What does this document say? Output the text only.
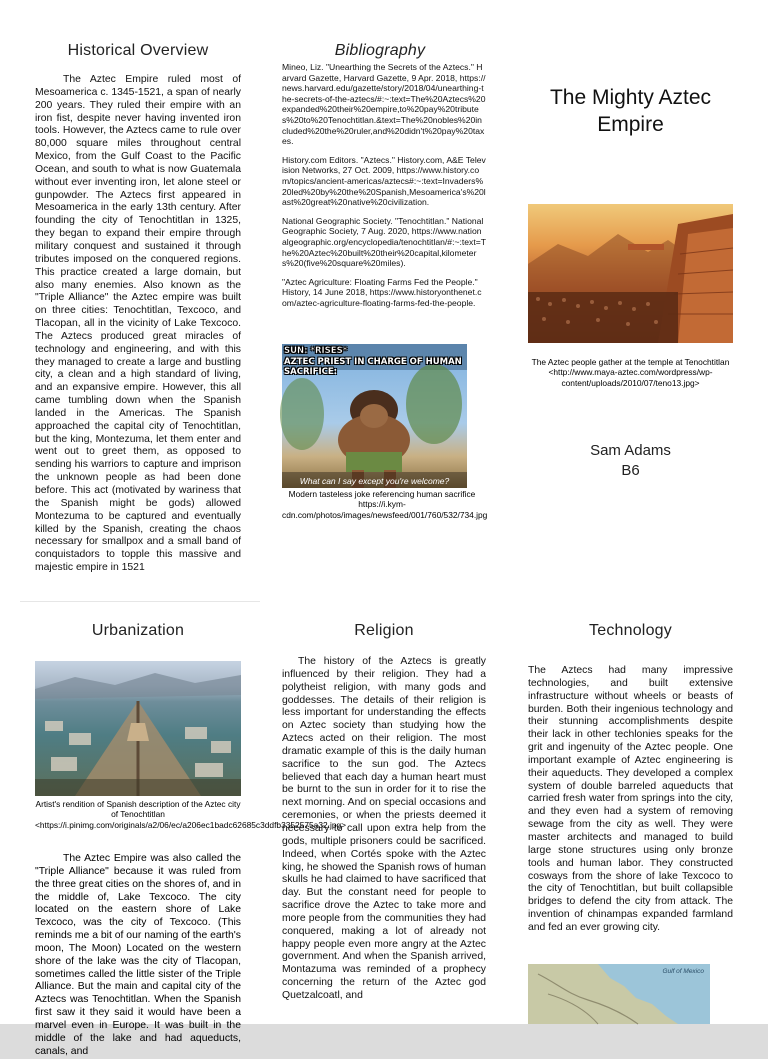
Historical Overview

The Aztec Empire ruled most of Mesoamerica c. 1345-1521, a span of nearly 200 years. They ruled their empire with an iron fist, despite never having invented iron tools. However, the Aztecs came to rule over 80,000 square miles throughout central Mexico, from the Gulf Coast to the Pacific Ocean, and south to what is now Guatemala without ever inventing iron, let alone steel or gunpowder. The Aztecs first appeared in Mesoamerica in the early 13th century. After founding the city of Tenochtitlan in 1325, they began to expand their empire through military conquest and sustained it through tributes imposed on the conquered regions. This practice created a large domain, but also many enemies. Also known as the "Triple Alliance" the Aztec empire was built on three cities: Tenochtitlan, Texcoco, and Tlacopan, all in the vicinity of Lake Texcoco. The Aztecs produced great miracles of technology and engineering, and with this they managed to create a large and bustling city, a clean and a high standard of living, and an expansive empire. However, this all came tumbling down when the Spanish landed in the Americas. The Spanish approached the capital city of Tenochtitlan, but the king, Montezuma, let them enter and went out to greet them, as opposed to sending his warriors to capture and imprison the unknown people as had been done before. This act (motivated by wariness that the Spanish might be gods) allowed Montezuma to be captured and eventually killed by the Spanish, creating the chaos necessary for smallpox and a small band of conquistadors to topple this massive and majestic empire in 1521

Bibliography

Mineo, Liz. "Unearthing the Secrets of the Aztecs." Harvard Gazette, Harvard Gazette, 9 Apr. 2018, https://news.harvard.edu/gazette/story/2018/04/unearthing-the-secrets-of-the-aztecs/#:~:text=The%20Aztecs%20expanded%20their%20empire,to%20pay%20tributes%20to%20Tenochtitlan.&text=The%20nobles%20included%20the%20ruler,and%20didn't%20pay%20taxes.

History.com Editors. "Aztecs." History.com, A&E Television Networks, 27 Oct. 2009, https://www.history.com/topics/ancient-americas/aztecs#:~:text=Invaders%20led%20by%20the%20Spanish,Mesoamerica's%20last%20great%20native%20civilization.

National Geographic Society. "Tenochtitlan." National Geographic Society, 7 Aug. 2020, https://www.nationalgeographic.org/encyclopedia/tenochtitlan/#:~:text=The%20Aztec%20built%20their%20capital,kilometers%20(five%20square%20miles).

"Aztec Agriculture: Floating Farms Fed the People." History, 14 June 2018, https://www.historyonthenet.com/aztec-agriculture-floating-farms-fed-the-people.

SUN: *RISES*
AZTEC PRIEST IN CHARGE OF HUMAN SACRIFICE:
What can I say except you're welcome?

Modern tasteless joke referencing human sacrifice https://i.kym-cdn.com/photos/images/newsfeed/001/760/532/734.jpg

The Mighty Aztec Empire

The Aztec people gather at the temple at Tenochtitlan <http://www.maya-aztec.com/wordpress/wp-content/uploads/2010/07/teno13.jpg>

Sam Adams
B6
Urbanization

Artist's rendition of Spanish description of the Aztec city of Tenochtitlan <https://i.pinimg.com/originals/a2/06/ec/a206ec1badc62685c3ddfb3352575a32.jpg>

The Aztec Empire was also called the "Triple Alliance" because it was ruled from the three great cities on the shores of, and in the middle of, Lake Texcoco. The city located on the eastern shore of Lake Texcoco, was the city of Texcoco. (This reminds me a bit of our naming of the earth's moon, The Moon) Located on the western shore of the lake was the city of Tlacopan, sometimes called the little sister of the Triple Alliance. But the main and capital city of the Aztecs was Tenochtitlan. When the Spanish first saw it they said it would have been a marvel even in Europe. It was built in the middle of the lake and had aqueducts, canals, and

Religion

The history of the Aztecs is greatly influenced by their religion. They had a polytheist religion, with many gods and goddesses. The details of their religion is less important for understanding the effects on Aztec society than studying how the Aztecs acted on their religion. The most dramatic example of this is the daily human sacrifice to the sun god. The Aztecs believed that each day a human heart must be burnt to the sun in order for it to rise the next morning. And on special occasions and ceremonies, or when the priests deemed it necessary to call upon extra help from the gods, multiple prisoners could be sacrificed. Indeed, when Cortés spoke with the Aztec king, he showed the Spanish rows of human skulls he had claimed to have sacrificed that day. But the constant need for people to sacrifice drove the Aztec to take more and more people from the communities they had conquered, making a lot of already not happy people even more angry at the Aztec government. And when the Spanish arrived, Montazuma was reminded of a prophecy concerning the return of the Aztec god Quetzalcoatl, and

Technology

The Aztecs had many impressive technologies, and built extensive infrastructure without wheels or beasts of burden. Both their ingenious technology and their stunning accomplishments despite their lack in other techlonies speaks for the grit and ingenuity of the Aztec people. One important example of Aztec engineering is their aqueducts. They developed a complex system of double barreled aqueducts that carried fresh water from springs into the city, and they even had a system of removing sewage from the city as well. They were master architects and managed to build large stone structures using only bronze tools and human labor. They constructed cosways from the shore of lake Texcoco to the city of Tenochtitlan, but built collapsible bridges to defend the city from attack. The invention of chinampas expanded farmland and fed an ever growing city.

Gulf of Mexico
